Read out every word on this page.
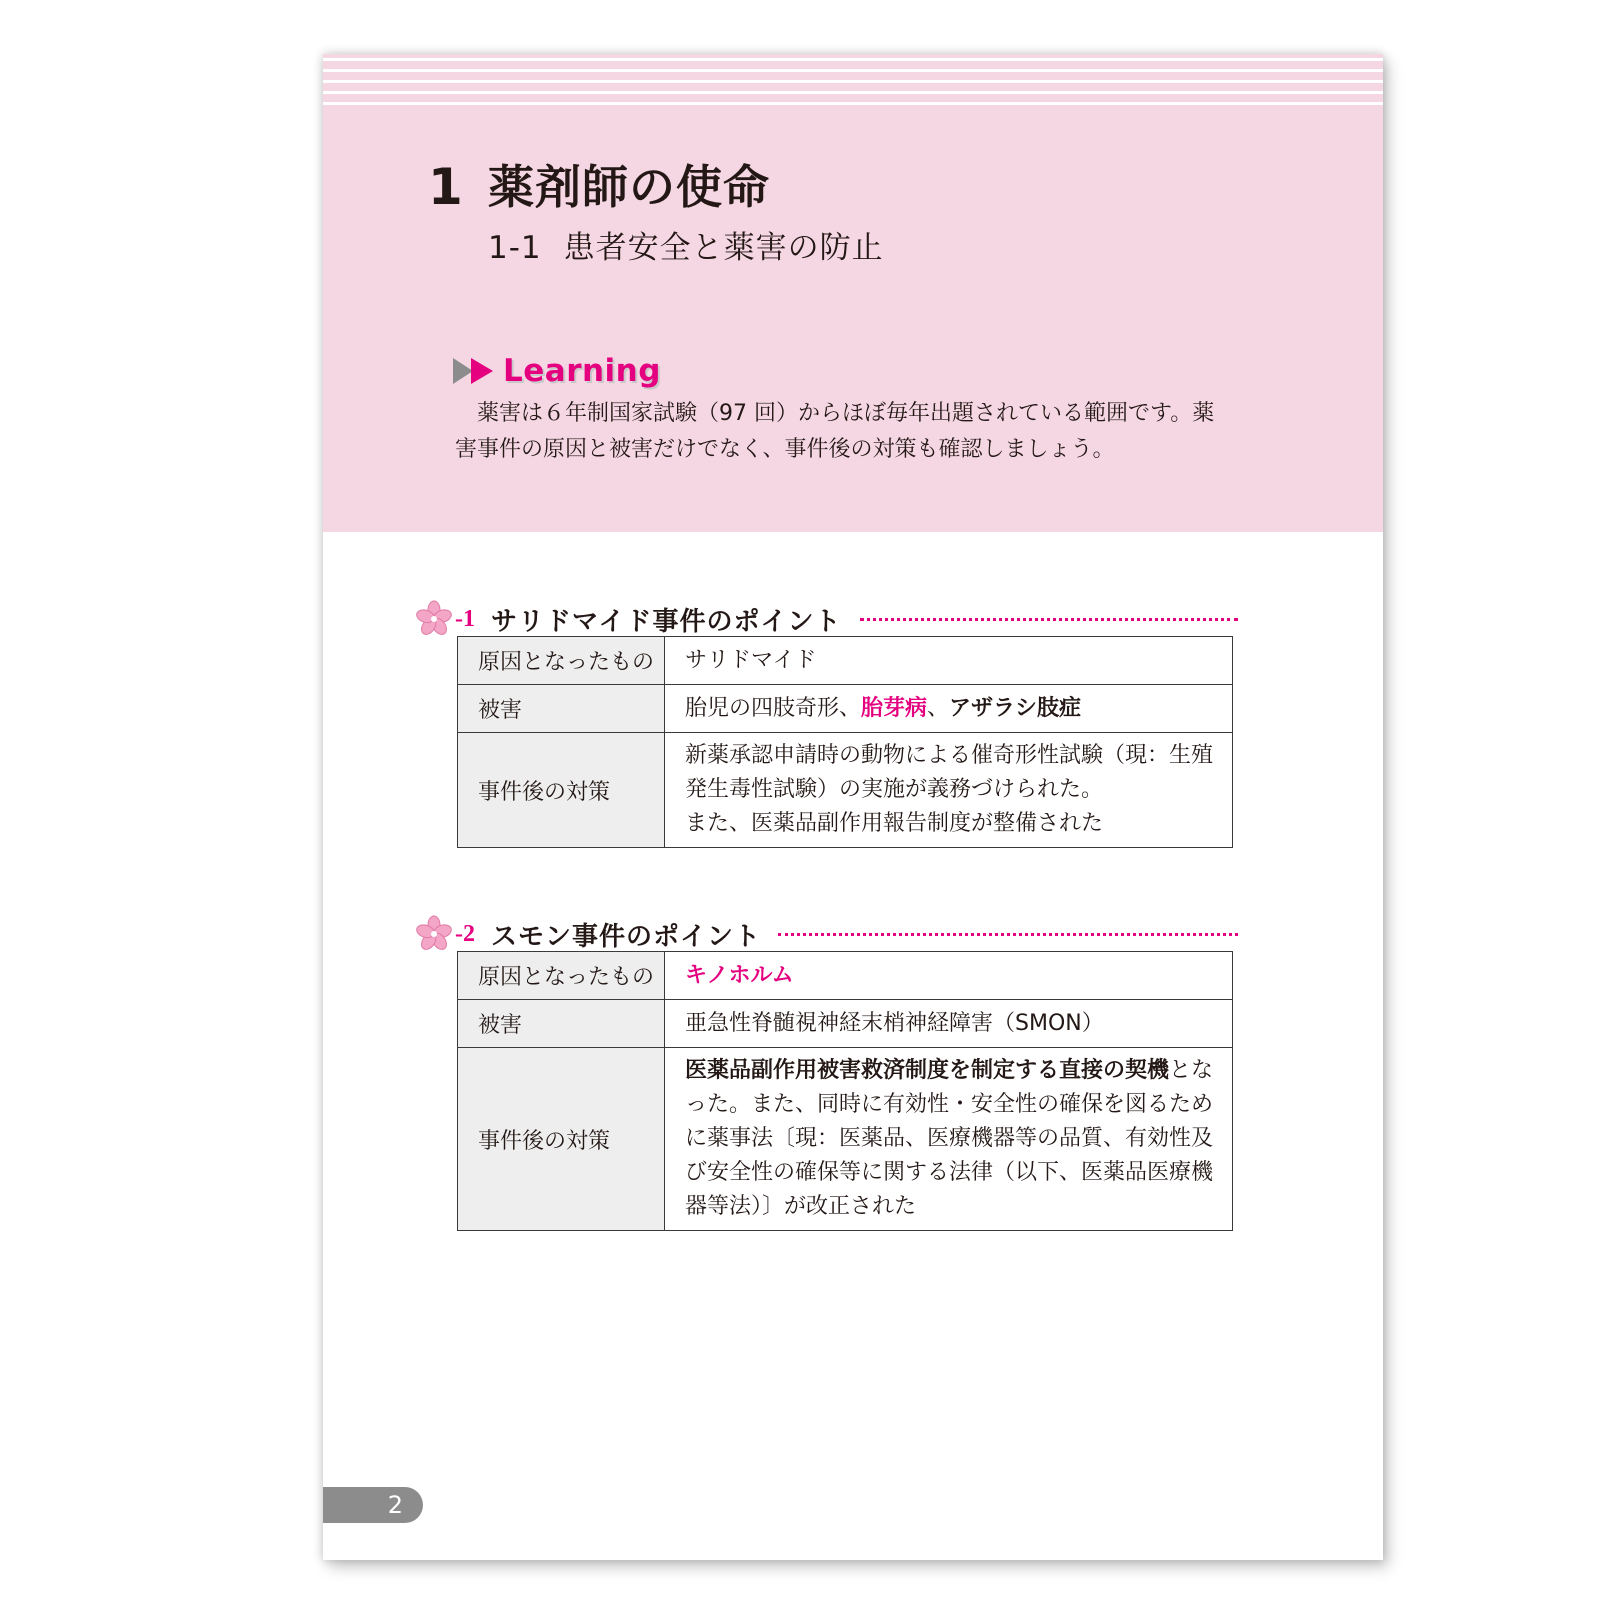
1 薬剤師の使命
1-1 患者安全と薬害の防止
Learning
薬害は６年制国家試験（97 回）からほぼ毎年出題されている範囲です。薬害事件の原因と被害だけでなく、事件後の対策も確認しましょう。
-1 サリドマイド事件のポイント
原因となったもの	サリドマイド
被害	胎児の四肢奇形、胎芽病、アザラシ肢症
事件後の対策	新薬承認申請時の動物による催奇形性試験（現：生殖発生毒性試験）の実施が義務づけられた。
また、医薬品副作用報告制度が整備された
-2 スモン事件のポイント
原因となったもの	キノホルム
被害	亜急性脊髄視神経末梢神経障害（SMON）
事件後の対策	医薬品副作用被害救済制度を制定する直接の契機となった。また、同時に有効性・安全性の確保を図るために薬事法〔現：医薬品、医療機器等の品質、有効性及び安全性の確保等に関する法律（以下、医薬品医療機器等法）〕が改正された
2
